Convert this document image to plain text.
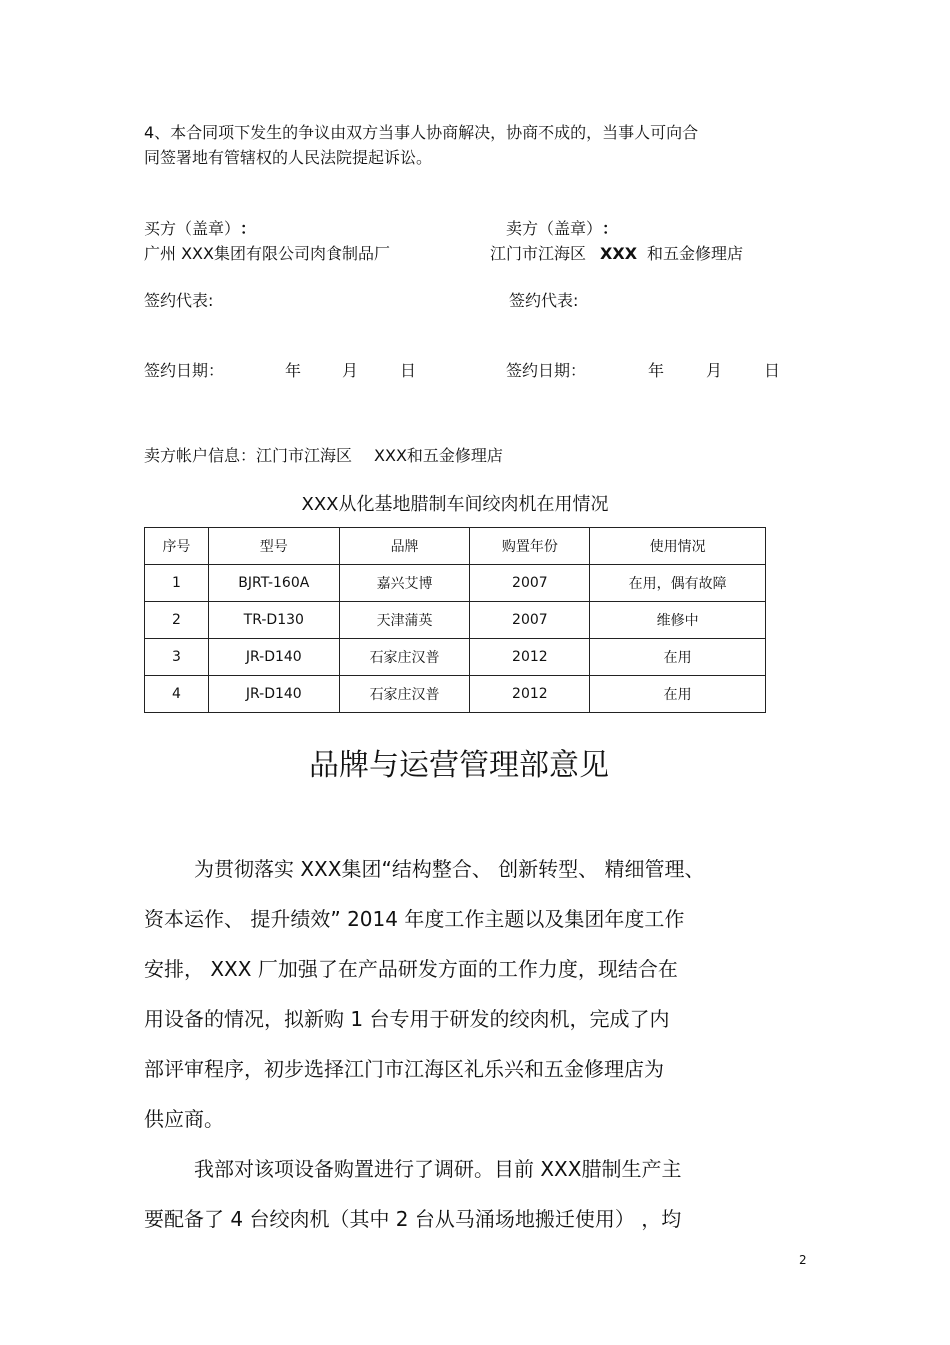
4、本合同项下发生的争议由双方当事人协商解决，协商不成的，当事人可向合
同签署地有管辖权的人民法院提起诉讼。
买方（盖章） ：	卖方（盖章） ：
广州 XXX集团有限公司肉食制品厂	江门市江海区 XXX 和五金修理店
签约代表:	签约代表:
签约日期：	年	月	日	签约日期：	年	月	日
卖方帐户信息：江门市江海区 XXX和五金修理店
XXX从化基地腊制车间绞肉机在用情况
序号	型号	品牌	购置年份	使用情况
1	BJRT-160A	嘉兴艾博	2007	在用，偶有故障
2	TR-D130	天津蒲英	2007	维修中
3	JR-D140	石家庄汉普	2012	在用
4	JR-D140	石家庄汉普	2012	在用
品牌与运营管理部意见
为贯彻落实 XXX集团“结构整合、 创新转型、 精细管理、
资本运作、 提升绩效” 2014 年度工作主题以及集团年度工作
安排， XXX 厂加强了在产品研发方面的工作力度，现结合在
用设备的情况，拟新购 1 台专用于研发的绞肉机，完成了内
部评审程序，初步选择江门市江海区礼乐兴和五金修理店为
供应商。
我部对该项设备购置进行了调研。目前 XXX腊制生产主
要配备了 4 台绞肉机（其中 2 台从马涌场地搬迁使用） ，均
2
